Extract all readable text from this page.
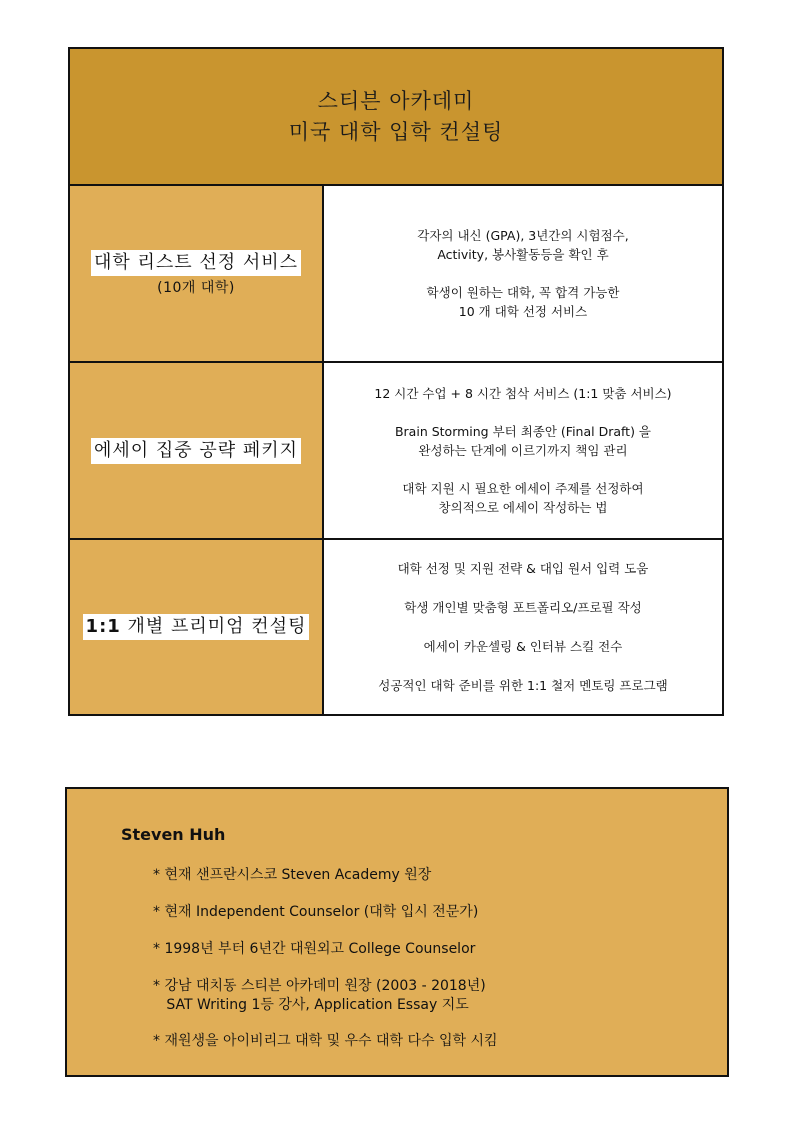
스티븐 아카데미
미국 대학 입학 컨설팅
대학 리스트 선정 서비스
(10개 대학)

각자의 내신 (GPA), 3년간의 시험점수,

Activity, 봉사활동등을 확인 후

학생이 원하는 대학, 꼭 합격 가능한

10 개 대학 선정 서비스

에세이 집중 공략 페키지

12 시간 수업 + 8 시간 첨삭 서비스 (1:1 맞춤 서비스)

Brain Storming 부터 최종안 (Final Draft) 을

완성하는 단계에 이르기까지 책임 관리

대학 지원 시 필요한 에세이 주제를 선정하여

창의적으로 에세이 작성하는 법

1:1 개별 프리미엄 컨설팅

대학 선정 및 지원 전략 & 대입 원서 입력 도움

학생 개인별 맞춤형 포트폴리오/프로필 작성

에세이 카운셀링 & 인터뷰 스킬 전수

성공적인 대학 준비를 위한 1:1 철저 멘토링 프로그램

Steven Huh
* 현재 샌프란시스코 Steven Academy 원장
* 현재 Independent Counselor (대학 입시 전문가)
* 1998년 부터 6년간 대원외고 College Counselor
* 강남 대치동 스티븐 아카데미 원장 (2003 - 2018년)
SAT Writing 1등 강사, Application Essay 지도
* 재원생을 아이비리그 대학 및 우수 대학 다수 입학 시킴
